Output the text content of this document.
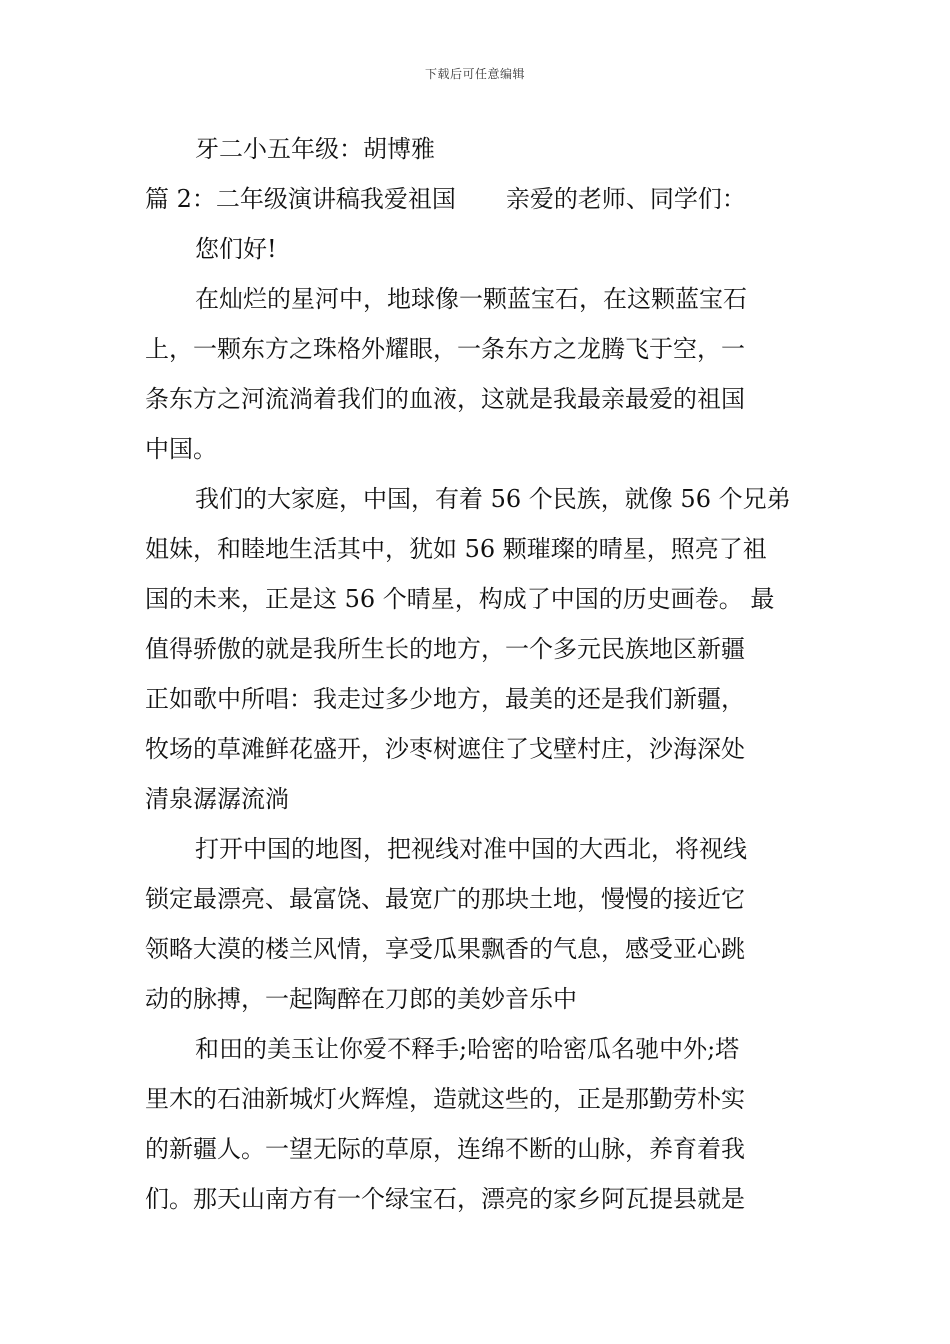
下载后可任意编辑
牙二小五年级：胡博雅
篇 2：二年级演讲稿我爱祖国 亲爱的老师、同学们：
您们好!
在灿烂的星河中，地球像一颗蓝宝石，在这颗蓝宝石
上，一颗东方之珠格外耀眼，一条东方之龙腾飞于空，一
条东方之河流淌着我们的血液，这就是我最亲最爱的祖国
中国。
我们的大家庭，中国，有着 56 个民族，就像 56 个兄弟
姐妹，和睦地生活其中，犹如 56 颗璀璨的晴星，照亮了祖
国的未来，正是这 56 个晴星，构成了中国的历史画卷。 最
值得骄傲的就是我所生长的地方，一个多元民族地区新疆
正如歌中所唱：我走过多少地方，最美的还是我们新疆，
牧场的草滩鲜花盛开，沙枣树遮住了戈壁村庄，沙海深处
清泉潺潺流淌
打开中国的地图，把视线对准中国的大西北，将视线
锁定最漂亮、最富饶、最宽广的那块土地，慢慢的接近它
领略大漠的楼兰风情，享受瓜果飘香的气息，感受亚心跳
动的脉搏，一起陶醉在刀郎的美妙音乐中
和田的美玉让你爱不释手;哈密的哈密瓜名驰中外;塔
里木的石油新城灯火辉煌，造就这些的，正是那勤劳朴实
的新疆人。一望无际的草原，连绵不断的山脉，养育着我
们。那天山南方有一个绿宝石，漂亮的家乡阿瓦提县就是
